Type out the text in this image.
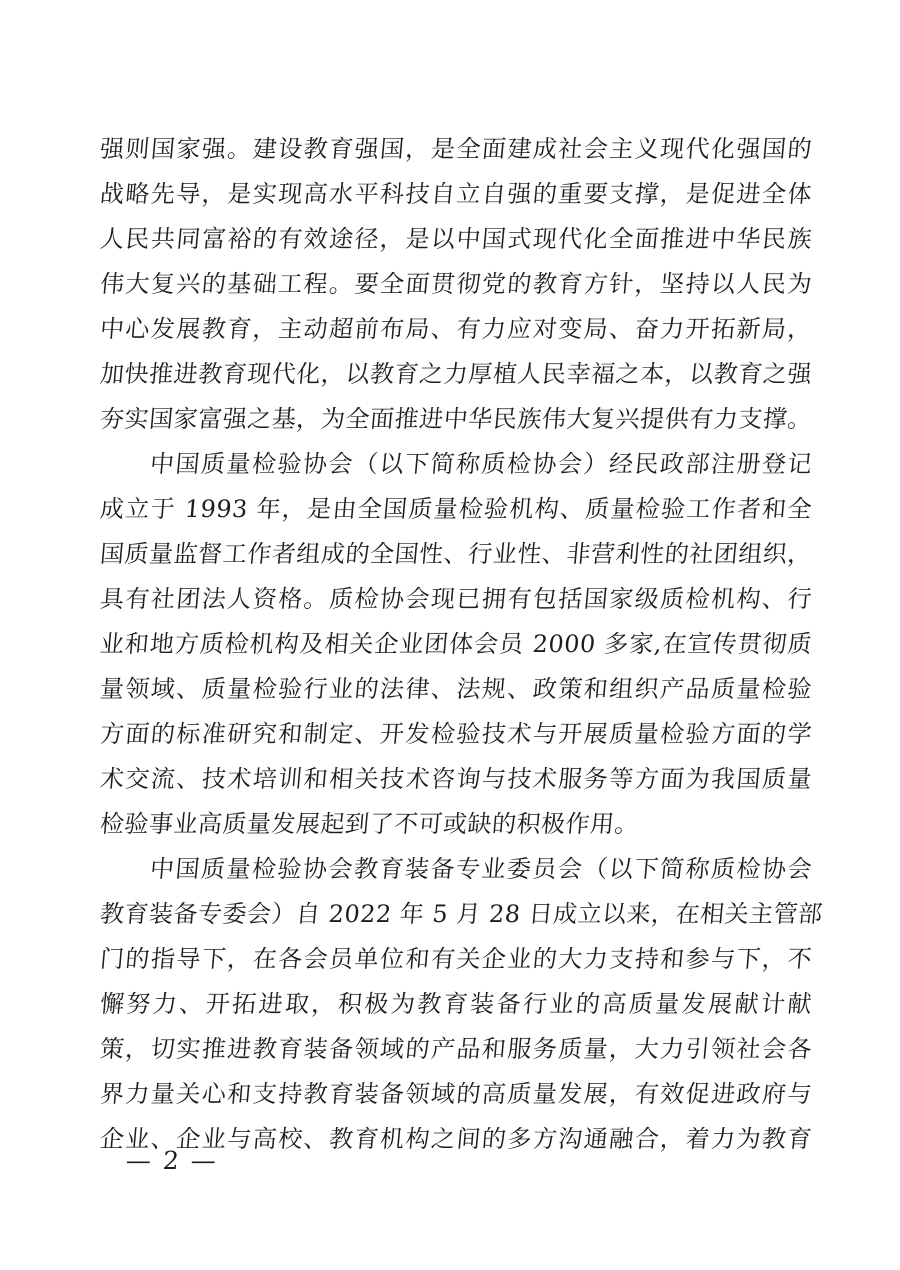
强则国家强。建设教育强国，是全面建成社会主义现代化强国的
战略先导，是实现高水平科技自立自强的重要支撑，是促进全体
人民共同富裕的有效途径，是以中国式现代化全面推进中华民族
伟大复兴的基础工程。要全面贯彻党的教育方针，坚持以人民为
中心发展教育，主动超前布局、有力应对变局、奋力开拓新局，
加快推进教育现代化，以教育之力厚植人民幸福之本，以教育之强
夯实国家富强之基，为全面推进中华民族伟大复兴提供有力支撑。
中国质量检验协会（以下简称质检协会）经民政部注册登记
成立于 1993 年，是由全国质量检验机构、质量检验工作者和全
国质量监督工作者组成的全国性、行业性、非营利性的社团组织，
具有社团法人资格。质检协会现已拥有包括国家级质检机构、行
业和地方质检机构及相关企业团体会员 2000 多家,在宣传贯彻质
量领域、质量检验行业的法律、法规、政策和组织产品质量检验
方面的标准研究和制定、开发检验技术与开展质量检验方面的学
术交流、技术培训和相关技术咨询与技术服务等方面为我国质量
检验事业高质量发展起到了不可或缺的积极作用。
中国质量检验协会教育装备专业委员会（以下简称质检协会
教育装备专委会）自 2022 年 5 月 28 日成立以来，在相关主管部
门的指导下，在各会员单位和有关企业的大力支持和参与下，不
懈努力、开拓进取，积极为教育装备行业的高质量发展献计献
策，切实推进教育装备领域的产品和服务质量，大力引领社会各
界力量关心和支持教育装备领域的高质量发展，有效促进政府与
企业、企业与高校、教育机构之间的多方沟通融合，着力为教育
— 2 —
